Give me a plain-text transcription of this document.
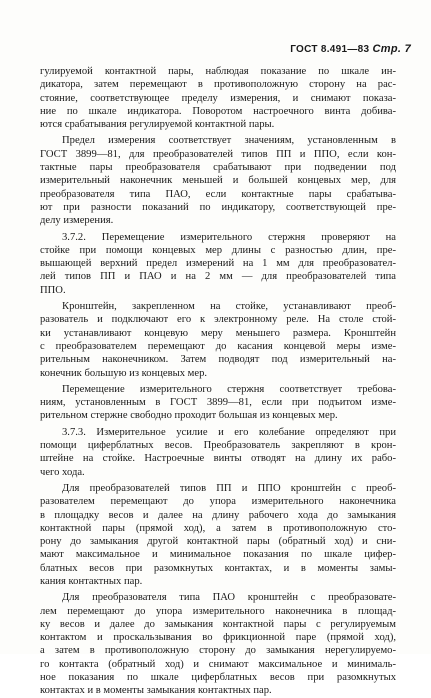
ГОСТ 8.491—83 Стр. 7
гулируемой контактной пары, наблюдая показание по шкале ин-
дикатора, затем перемещают в противоположную сторону на рас-
стояние, соответствующее пределу измерения, и снимают показа-
ние по шкале индикатора. Поворотом настроечного винта добива-
ются срабатывания регулируемой контактной пары.
Предел измерения соответствует значениям, установленным в
ГОСТ 3899—81, для преобразователей типов ПП и ППО, если кон-
тактные пары преобразователя срабатывают при подведении под
измерительный наконечник меньшей и большей концевых мер, для
преобразователя типа ПАО, если контактные пары срабатыва-
ют при разности показаний по индикатору, соответствующей пре-
делу измерения.
3.7.2. Перемещение измерительного стержня проверяют на
стойке при помощи концевых мер длины с разностью длин, пре-
вышающей верхний предел измерений на 1 мм для преобразовател-
лей типов ПП и ПАО и на 2 мм — для преобразователей типа
ППО.
Кронштейн, закрепленном на стойке, устанавливают преоб-
разователь и подключают его к электронному реле. На столе стой-
ки устанавливают концевую меру меньшего размера. Кронштейн
с преобразователем перемещают до касания концевой меры изме-
рительным наконечником. Затем подводят под измерительный на-
конечник большую из концевых мер.
Перемещение измерительного стержня соответствует требова-
ниям, установленным в ГОСТ 3899—81, если при подъитом изме-
рительном стержне свободно проходит большая из концевых мер.
3.7.3. Измерительное усилие и его колебание определяют при
помощи циферблатных весов. Преобразователь закрепляют в крон-
штейне на стойке. Настроечные винты отводят на длину их рабо-
чего хода.
Для преобразователей типов ПП и ППО кронштейн с преоб-
разователем перемещают до упора измерительного наконечника
в площадку весов и далее на длину рабочего хода до замыкания
контактной пары (прямой ход), а затем в противоположную сто-
рону до замыкания другой контактной пары (обратный ход) и сни-
мают максимальное и минимальное показания по шкале цифер-
блатных весов при разомкнутых контактах, и в моменты замы-
кания контактных пар.
Для преобразователя типа ПАО кронштейн с преобразовате-
лем перемещают до упора измерительного наконечника в площад-
ку весов и далее до замыкания контактной пары с регулируемым
контактом и проскальзывания во фрикционной паре (прямой ход),
а затем в противоположную сторону до замыкания нерегулируемо-
го контакта (обратный ход) и снимают максимальное и минималь-
ное показания по шкале циферблатных весов при разомкнутых
контактах и в моменты замыкания контактных пар.
